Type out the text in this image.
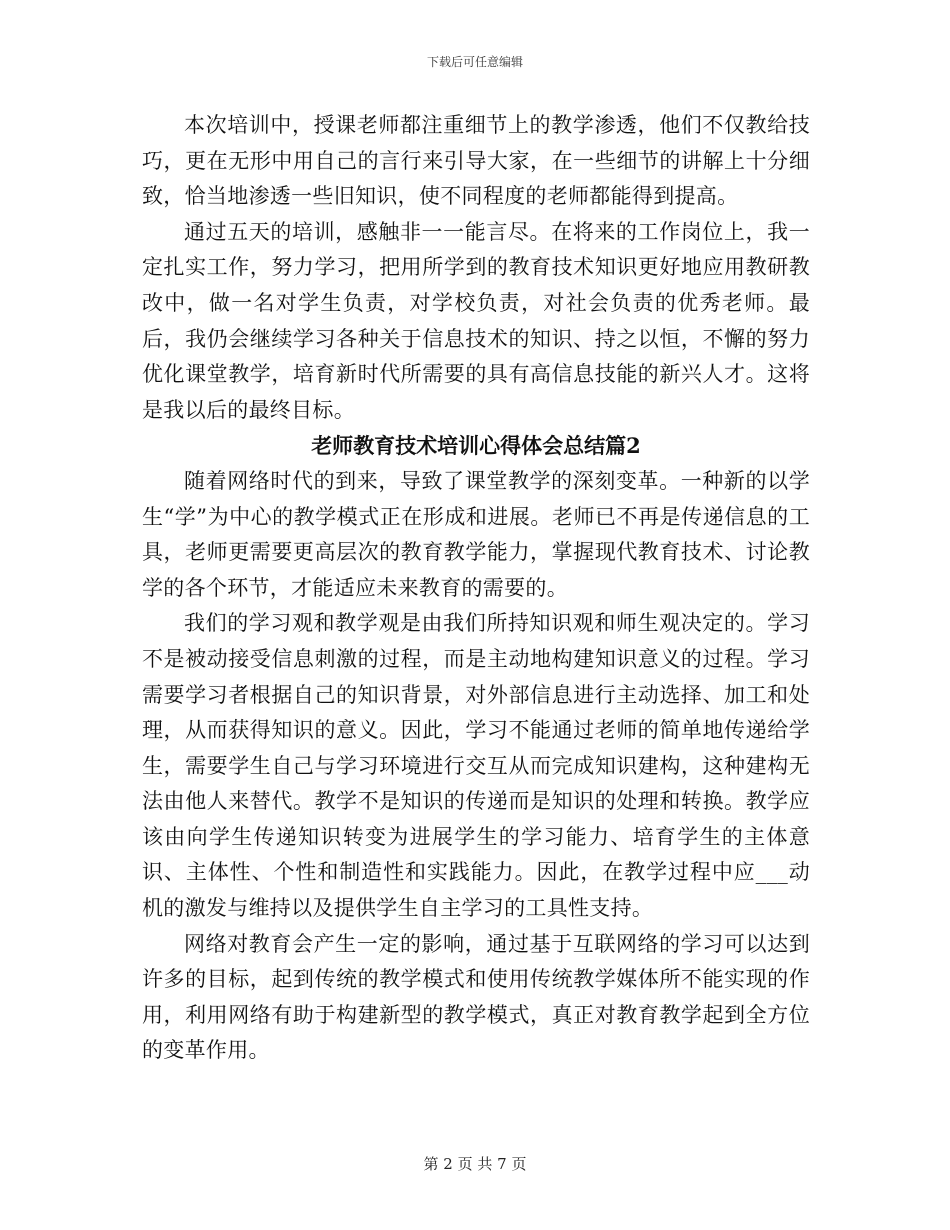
下载后可任意编辑

本次培训中，授课老师都注重细节上的教学渗透，他们不仅教给技巧，更在无形中用自己的言行来引导大家，在一些细节的讲解上十分细致，恰当地渗透一些旧知识，使不同程度的老师都能得到提高。

通过五天的培训，感触非一一能言尽。在将来的工作岗位上，我一定扎实工作，努力学习，把用所学到的教育技术知识更好地应用教研教改中，做一名对学生负责，对学校负责，对社会负责的优秀老师。最后，我仍会继续学习各种关于信息技术的知识、持之以恒，不懈的努力优化课堂教学，培育新时代所需要的具有高信息技能的新兴人才。这将是我以后的最终目标。

老师教育技术培训心得体会总结篇2

随着网络时代的到来，导致了课堂教学的深刻变革。一种新的以学生“学”为中心的教学模式正在形成和进展。老师已不再是传递信息的工具，老师更需要更高层次的教育教学能力，掌握现代教育技术、讨论教学的各个环节，才能适应未来教育的需要的。

我们的学习观和教学观是由我们所持知识观和师生观决定的。学习不是被动接受信息刺激的过程，而是主动地构建知识意义的过程。学习需要学习者根据自己的知识背景，对外部信息进行主动选择、加工和处理，从而获得知识的意义。因此，学习不能通过老师的简单地传递给学生，需要学生自己与学习环境进行交互从而完成知识建构，这种建构无法由他人来替代。教学不是知识的传递而是知识的处理和转换。教学应该由向学生传递知识转变为进展学生的学习能力、培育学生的主体意识、主体性、个性和制造性和实践能力。因此，在教学过程中应___动机的激发与维持以及提供学生自主学习的工具性支持。

网络对教育会产生一定的影响，通过基于互联网络的学习可以达到许多的目标，起到传统的教学模式和使用传统教学媒体所不能实现的作用，利用网络有助于构建新型的教学模式，真正对教育教学起到全方位的变革作用。

第 2 页 共 7 页
